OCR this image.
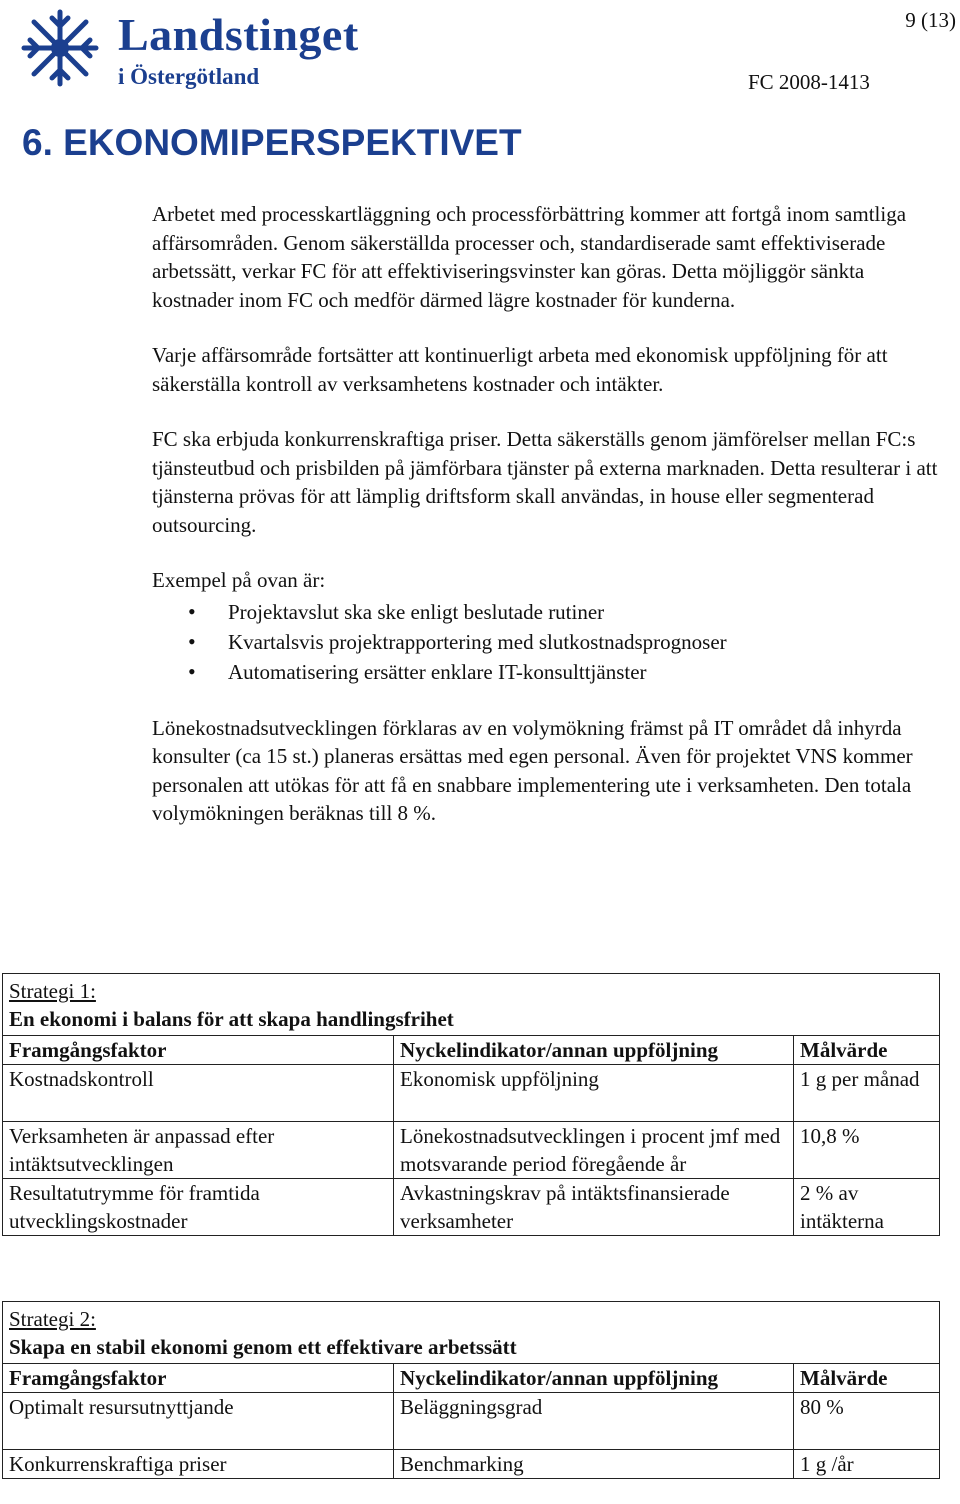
Landstinget
i Östergötland
9 (13)
FC 2008-1413
6. EKONOMIPERSPEKTIVET

Arbetet med processkartläggning och processförbättring kommer att fortgå inom samtliga affärsområden. Genom säkerställda processer och, standardiserade samt effektiviserade arbetssätt, verkar FC för att effektiviseringsvinster kan göras. Detta möjliggör sänkta kostnader inom FC och medför därmed lägre kostnader för kunderna.

Varje affärsområde fortsätter att kontinuerligt arbeta med ekonomisk uppföljning för att säkerställa kontroll av verksamhetens kostnader och intäkter.

FC ska erbjuda konkurrenskraftiga priser. Detta säkerställs genom jämförelser mellan FC:s tjänsteutbud och prisbilden på jämförbara tjänster på externa marknaden. Detta resulterar i att tjänsterna prövas för att lämplig driftsform skall användas, in house eller segmenterad outsourcing.

Exempel på ovan är:

• Projektavslut ska ske enligt beslutade rutiner
• Kvartalsvis projektrapportering med slutkostnadsprognoser
• Automatisering ersätter enklare IT-konsulttjänster

Lönekostnadsutvecklingen förklaras av en volymökning främst på IT området då inhyrda konsulter (ca 15 st.) planeras ersättas med egen personal. Även för projektet VNS kommer personalen att utökas för att få en snabbare implementering ute i verksamheten. Den totala volymökningen beräknas till 8 %.

Strategi 1:
En ekonomi i balans för att skapa handlingsfrihet		

Framgångsfaktor	Nyckelindikator/annan uppföljning	Målvärde
Kostnadskontroll	Ekonomisk uppföljning	1 g per månad
Verksamheten är anpassad efter intäktsutvecklingen	Lönekostnadsutvecklingen i procent jmf med motsvarande period föregående år	10,8 %
Resultatutrymme för framtida utvecklingskostnader	Avkastningskrav på intäktsfinansierade verksamheter	2 % av intäkterna
Strategi 2:
Skapa en stabil ekonomi genom ett effektivare arbetssätt		

Framgångsfaktor	Nyckelindikator/annan uppföljning	Målvärde
Optimalt resursutnyttjande	Beläggningsgrad	80 %
Konkurrenskraftiga priser	Benchmarking	1 g /år
